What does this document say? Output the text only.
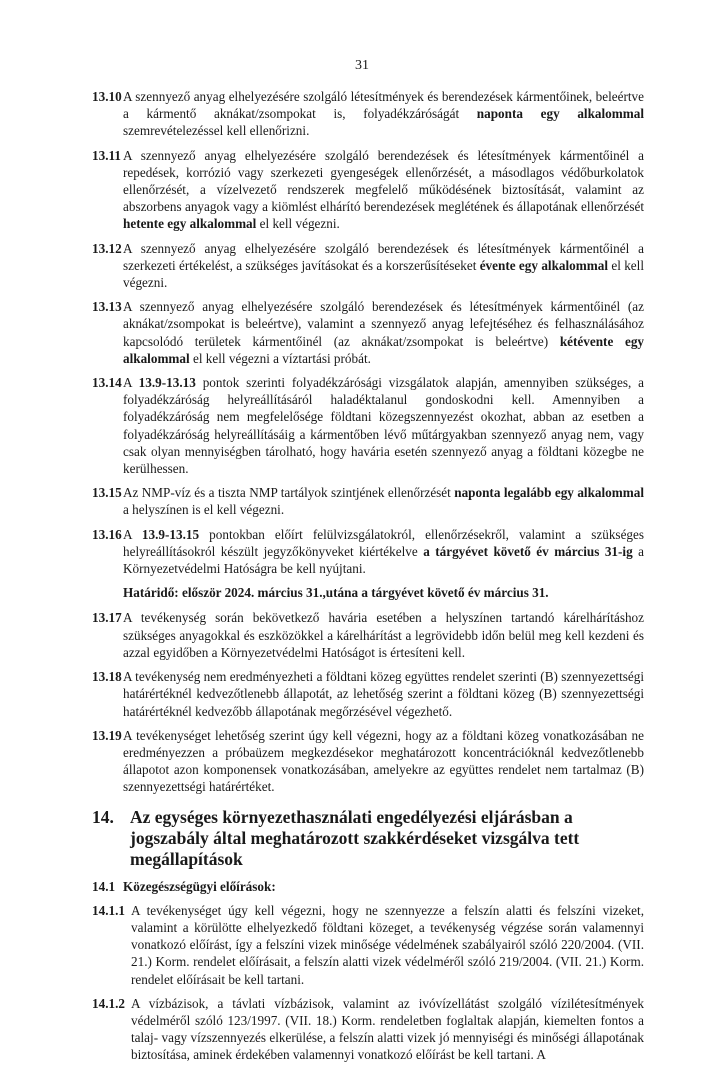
31
13.10 A szennyező anyag elhelyezésére szolgáló létesítmények és berendezések kármentőinek, beleértve a kármentő aknákat/zsompokat is, folyadékzáróságát naponta egy alkalommal szemrevételezéssel kell ellenőrizni.
13.11 A szennyező anyag elhelyezésére szolgáló berendezések és létesítmények kármentőinél a repedések, korrózió vagy szerkezeti gyengeségek ellenőrzését, a másodlagos védőburkolatok ellenőrzését, a vízelvezető rendszerek megfelelő működésének biztosítását, valamint az abszorbens anyagok vagy a kiömlést elhárító berendezések meglétének és állapotának ellenőrzését hetente egy alkalommal el kell végezni.
13.12 A szennyező anyag elhelyezésére szolgáló berendezések és létesítmények kármentőinél a szerkezeti értékelést, a szükséges javításokat és a korszerűsítéseket évente egy alkalommal el kell végezni.
13.13 A szennyező anyag elhelyezésére szolgáló berendezések és létesítmények kármentőinél (az aknákat/zsompokat is beleértve), valamint a szennyező anyag lefejtéséhez és felhasználásához kapcsolódó területek kármentőinél (az aknákat/zsompokat is beleértve) kétévente egy alkalommal el kell végezni a víztartási próbát.
13.14 A 13.9-13.13 pontok szerinti folyadékzárósági vizsgálatok alapján, amennyiben szükséges, a folyadékzáróság helyreállításáról haladéktalanul gondoskodni kell. Amennyiben a folyadékzáróság nem megfelelősége földtani közegszennyezést okozhat, abban az esetben a folyadékzáróság helyreállításáig a kármentőben lévő műtárgyakban szennyező anyag nem, vagy csak olyan mennyiségben tárolható, hogy havária esetén szennyező anyag a földtani közegbe ne kerülhessen.
13.15 Az NMP-víz és a tiszta NMP tartályok szintjének ellenőrzését naponta legalább egy alkalommal a helyszínen is el kell végezni.
13.16 A 13.9-13.15 pontokban előírt felülvizsgálatokról, ellenőrzésekről, valamint a szükséges helyreállításokról készült jegyzőkönyveket kiértékelve a tárgyévet követő év március 31-ig a Környezetvédelmi Hatóságra be kell nyújtani.
Határidő: először 2024. március 31.,utána a tárgyévet követő év március 31.
13.17 A tevékenység során bekövetkező havária esetében a helyszínen tartandó kárelhárításhoz szükséges anyagokkal és eszközökkel a kárelhárítást a legrövidebb időn belül meg kell kezdeni és azzal egyidőben a Környezetvédelmi Hatóságot is értesíteni kell.
13.18 A tevékenység nem eredményezheti a földtani közeg együttes rendelet szerinti (B) szennyezettségi határértéknél kedvezőtlenebb állapotát, az lehetőség szerint a földtani közeg (B) szennyezettségi határértéknél kedvezőbb állapotának megőrzésével végezhető.
13.19 A tevékenységet lehetőség szerint úgy kell végezni, hogy az a földtani közeg vonatkozásában ne eredményezzen a próbaüzem megkezdésekor meghatározott koncentrációknál kedvezőtlenebb állapotot azon komponensek vonatkozásában, amelyekre az együttes rendelet nem tartalmaz (B) szennyezettségi határértéket.
14. Az egységes környezethasználati engedélyezési eljárásban a jogszabály által meghatározott szakkérdéseket vizsgálva tett megállapítások
14.1 Közegészségügyi előírások:
14.1.1 A tevékenységet úgy kell végezni, hogy ne szennyezze a felszín alatti és felszíni vizeket, valamint a körülötte elhelyezkedő földtani közeget, a tevékenység végzése során valamennyi vonatkozó előírást, így a felszíni vizek minősége védelmének szabályairól szóló 220/2004. (VII. 21.) Korm. rendelet előírásait, a felszín alatti vizek védelméről szóló 219/2004. (VII. 21.) Korm. rendelet előírásait be kell tartani.
14.1.2 A vízbázisok, a távlati vízbázisok, valamint az ivóvízellátást szolgáló vízilétesítmények védelméről szóló 123/1997. (VII. 18.) Korm. rendeletben foglaltak alapján, kiemelten fontos a talaj- vagy vízszennyezés elkerülése, a felszín alatti vizek jó mennyiségi és minőségi állapotának biztosítása, aminek érdekében valamennyi vonatkozó előírást be kell tartani. A
